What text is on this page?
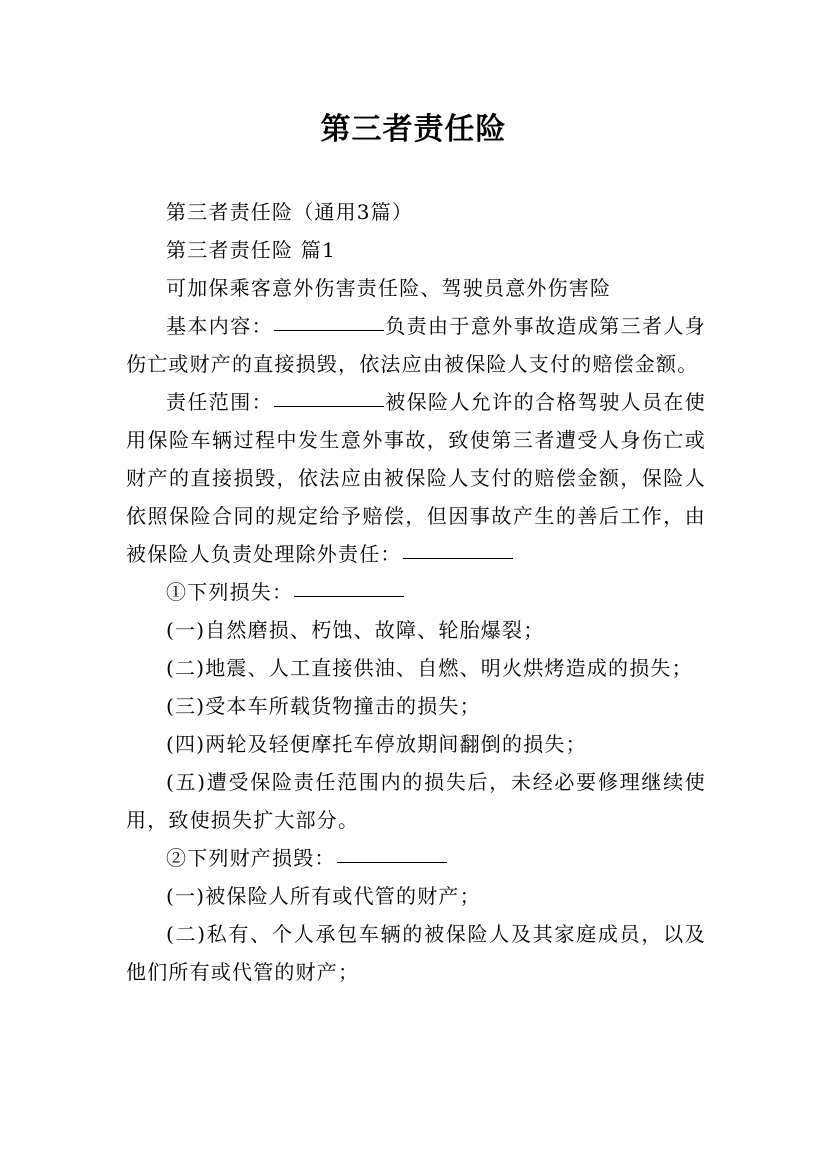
第三者责任险

第三者责任险（通用3篇）

第三者责任险 篇1

可加保乘客意外伤害责任险、驾驶员意外伤害险

基本内容：	负责由于意外事故造成第三者人身伤亡或财产的直接损毁，依法应由被保险人支付的赔偿金额。

责任范围：	被保险人允许的合格驾驶人员在使用保险车辆过程中发生意外事故，致使第三者遭受人身伤亡或财产的直接损毁，依法应由被保险人支付的赔偿金额，保险人依照保险合同的规定给予赔偿，但因事故产生的善后工作，由被保险人负责处理除外责任：

①下列损失：

(一)自然磨损、朽蚀、故障、轮胎爆裂；

(二)地震、人工直接供油、自燃、明火烘烤造成的损失；

(三)受本车所载货物撞击的损失；

(四)两轮及轻便摩托车停放期间翻倒的损失；

(五)遭受保险责任范围内的损失后，未经必要修理继续使用，致使损失扩大部分。

②下列财产损毁：

(一)被保险人所有或代管的财产；

(二)私有、个人承包车辆的被保险人及其家庭成员，以及他们所有或代管的财产；
